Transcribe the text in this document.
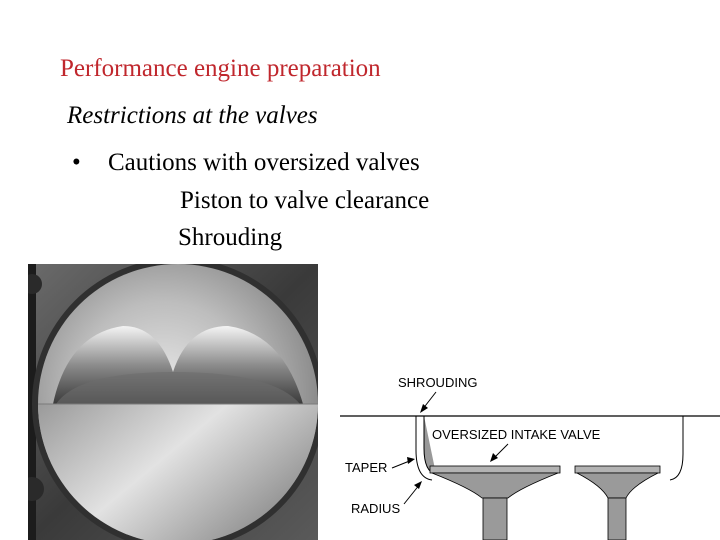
Performance engine preparation
Restrictions at the valves
• Cautions with oversized valves
Piston to valve clearance
Shrouding
SHROUDING
OVERSIZED INTAKE VALVE
TAPER
RADIUS
